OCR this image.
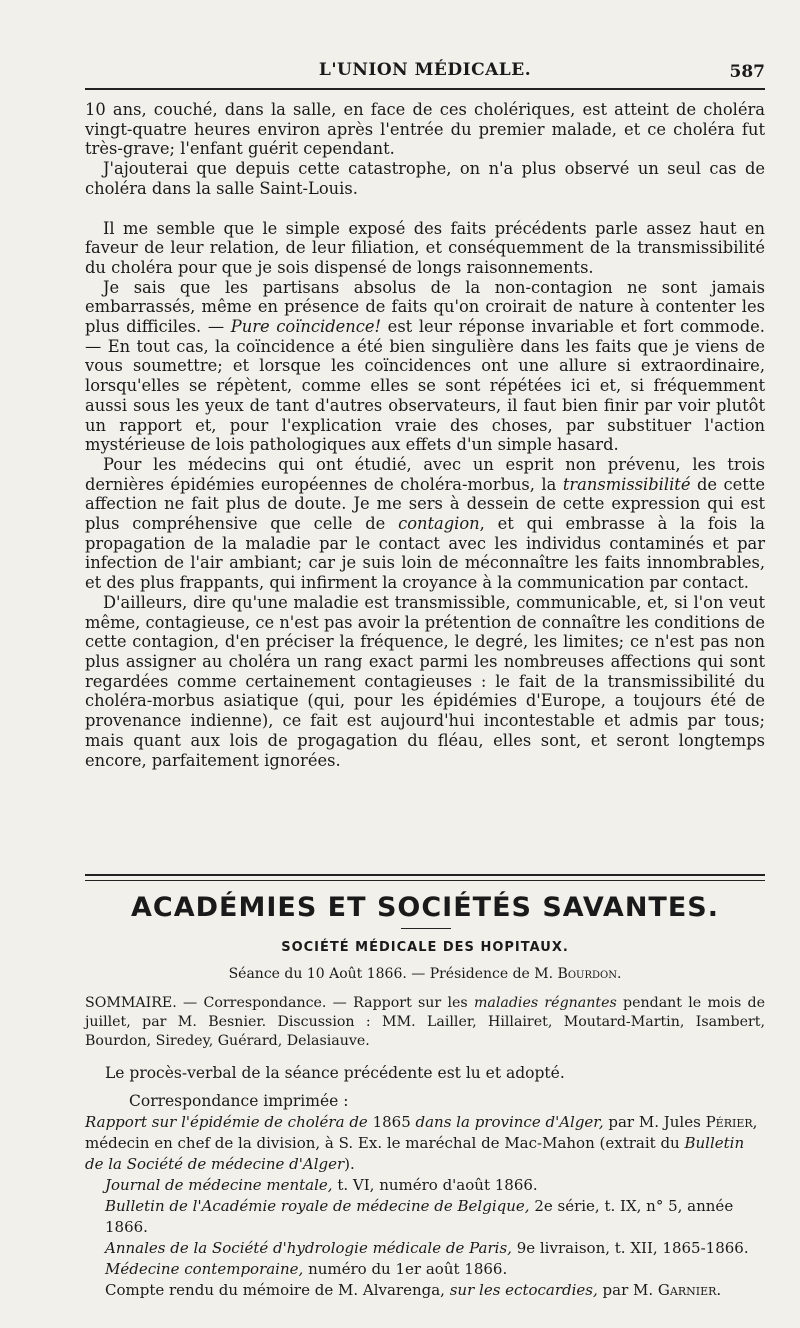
L'UNION MÉDICALE.	587

10 ans, couché, dans la salle, en face de ces cholériques, est atteint de choléra vingt-quatre heures environ après l'entrée du premier malade, et ce choléra fut très-grave; l'enfant guérit cependant.

J'ajouterai que depuis cette catastrophe, on n'a plus observé un seul cas de choléra dans la salle Saint-Louis.

Il me semble que le simple exposé des faits précédents parle assez haut en faveur de leur relation, de leur filiation, et conséquemment de la transmissibilité du choléra pour que je sois dispensé de longs raisonnements.

Je sais que les partisans absolus de la non-contagion ne sont jamais embarrassés, même en présence de faits qu'on croirait de nature à contenter les plus difficiles. — Pure coïncidence! est leur réponse invariable et fort commode. — En tout cas, la coïncidence a été bien singulière dans les faits que je viens de vous soumettre; et lorsque les coïncidences ont une allure si extraordinaire, lorsqu'elles se répètent, comme elles se sont répétées ici et, si fréquemment aussi sous les yeux de tant d'autres observateurs, il faut bien finir par voir plutôt un rapport et, pour l'explication vraie des choses, par substituer l'action mystérieuse de lois pathologiques aux effets d'un simple hasard.

Pour les médecins qui ont étudié, avec un esprit non prévenu, les trois dernières épidémies européennes de choléra-morbus, la transmissibilité de cette affection ne fait plus de doute. Je me sers à dessein de cette expression qui est plus compréhensive que celle de contagion, et qui embrasse à la fois la propagation de la maladie par le contact avec les individus contaminés et par infection de l'air ambiant; car je suis loin de méconnaître les faits innombrables, et des plus frappants, qui infirment la croyance à la communication par contact.

D'ailleurs, dire qu'une maladie est transmissible, communicable, et, si l'on veut même, contagieuse, ce n'est pas avoir la prétention de connaître les conditions de cette contagion, d'en préciser la fréquence, le degré, les limites; ce n'est pas non plus assigner au choléra un rang exact parmi les nombreuses affections qui sont regardées comme certainement contagieuses : le fait de la transmissibilité du choléra-morbus asiatique (qui, pour les épidémies d'Europe, a toujours été de provenance indienne), ce fait est aujourd'hui incontestable et admis par tous; mais quant aux lois de progagation du fléau, elles sont, et seront longtemps encore, parfaitement ignorées.

ACADÉMIES ET SOCIÉTÉS SAVANTES.
SOCIÉTÉ MÉDICALE DES HOPITAUX.
Séance du 10 Août 1866. — Présidence de M. Bourdon.
SOMMAIRE. — Correspondance. — Rapport sur les maladies régnantes pendant le mois de juillet, par M. Besnier. Discussion : MM. Lailler, Hillairet, Moutard-Martin, Isambert, Bourdon, Siredey, Guérard, Delasiauve.
Le procès-verbal de la séance précédente est lu et adopté.
Correspondance imprimée :
Rapport sur l'épidémie de choléra de 1865 dans la province d'Alger, par M. Jules Périer, médecin en chef de la division, à S. Ex. le maréchal de Mac-Mahon (extrait du Bulletin de la Société de médecine d'Alger).
Journal de médecine mentale, t. VI, numéro d'août 1866.
Bulletin de l'Académie royale de médecine de Belgique, 2e série, t. IX, n° 5, année 1866.
Annales de la Société d'hydrologie médicale de Paris, 9e livraison, t. XII, 1865-1866.
Médecine contemporaine, numéro du 1er août 1866.
Compte rendu du mémoire de M. Alvarenga, sur les ectocardies, par M. Garnier.
